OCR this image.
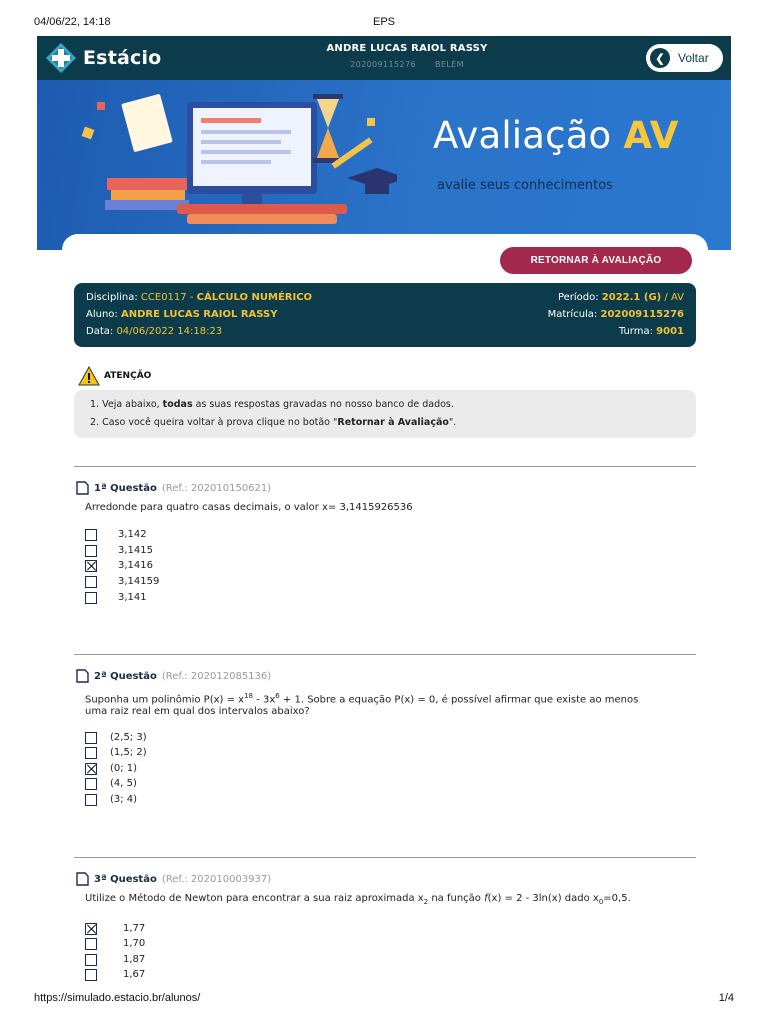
04/06/22, 14:18	EPS
Estácio	ANDRE LUCAS RAIOL RASSY
202009115276 BELÉM	❮	Voltar
Avaliação AV
avalie seus conhecimentos
RETORNAR À AVALIAÇÃO
Disciplina: CCE0117 - CÁLCULO NUMÉRICO	Período: 2022.1 (G) / AV
Aluno: ANDRE LUCAS RAIOL RASSY	Matrícula: 202009115276
Data: 04/06/2022 14:18:23	Turma: 9001
ATENÇÃO
1. Veja abaixo, todas as suas respostas gravadas no nosso banco de dados.
2. Caso você queira voltar à prova clique no botão "Retornar à Avaliação".
1ª Questão (Ref.: 202010150621)
Arredonde para quatro casas decimais, o valor x= 3,1415926536
3,142
3,1415
3,1416
3,14159
3,141
2ª Questão (Ref.: 202012085136)
Suponha um polinômio $P(x) = x^{18} - 3x^6 + 1$. Sobre a equação P(x) = 0, é possível afirmar que existe ao menos
uma raiz real em qual dos intervalos abaixo?
(2,5; 3)
(1,5; 2)
(0; 1)
(4, 5)
(3; 4)
3ª Questão (Ref.: 202010003937)
Utilize o Método de Newton para encontrar a sua raiz aproximada $x_2$ na função f(x) = 2 - 3ln(x) dado $x_0=0,5$.
1,77
1,70
1,87
1,67
https://simulado.estacio.br/alunos/	1/4
